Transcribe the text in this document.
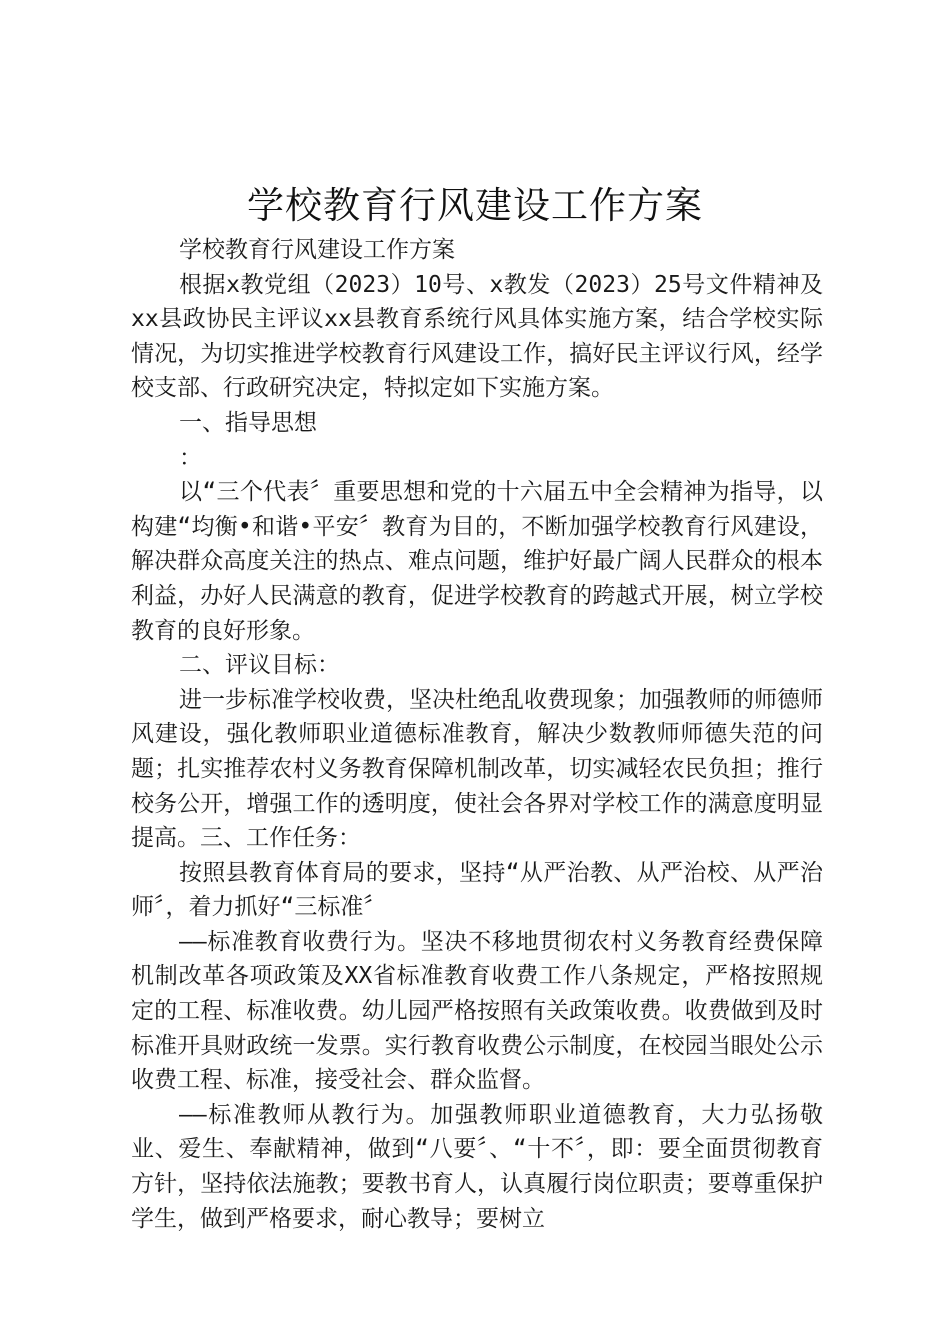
学校教育行风建设工作方案

学校教育行风建设工作方案

根据x教党组（2023）10号、x教发（2023）25号文件精神及xx县政协民主评议xx县教育系统行风具体实施方案，结合学校实际情况，为切实推进学校教育行风建设工作，搞好民主评议行风，经学校支部、行政研究决定，特拟定如下实施方案。

一、指导思想

：

以“三个代表〞重要思想和党的十六届五中全会精神为指导，以构建“均衡•和谐•平安〞教育为目的，不断加强学校教育行风建设，解决群众高度关注的热点、难点问题，维护好最广阔人民群众的根本利益，办好人民满意的教育，促进学校教育的跨越式开展，树立学校教育的良好形象。

二、评议目标：

进一步标准学校收费，坚决杜绝乱收费现象；加强教师的师德师风建设，强化教师职业道德标准教育，解决少数教师师德失范的问题；扎实推荐农村义务教育保障机制改革，切实减轻农民负担；推行校务公开，增强工作的透明度，使社会各界对学校工作的满意度明显提高。三、工作任务：

按照县教育体育局的要求，坚持“从严治教、从严治校、从严治师〞，着力抓好“三标准〞

——标准教育收费行为。坚决不移地贯彻农村义务教育经费保障机制改革各项政策及XX省标准教育收费工作八条规定，严格按照规定的工程、标准收费。幼儿园严格按照有关政策收费。收费做到及时标准开具财政统一发票。实行教育收费公示制度，在校园当眼处公示收费工程、标准，接受社会、群众监督。

——标准教师从教行为。加强教师职业道德教育，大力弘扬敬业、爱生、奉献精神，做到“八要〞、“十不〞，即：要全面贯彻教育方针，坚持依法施教；要教书育人，认真履行岗位职责；要尊重保护学生，做到严格要求，耐心教导；要树立
